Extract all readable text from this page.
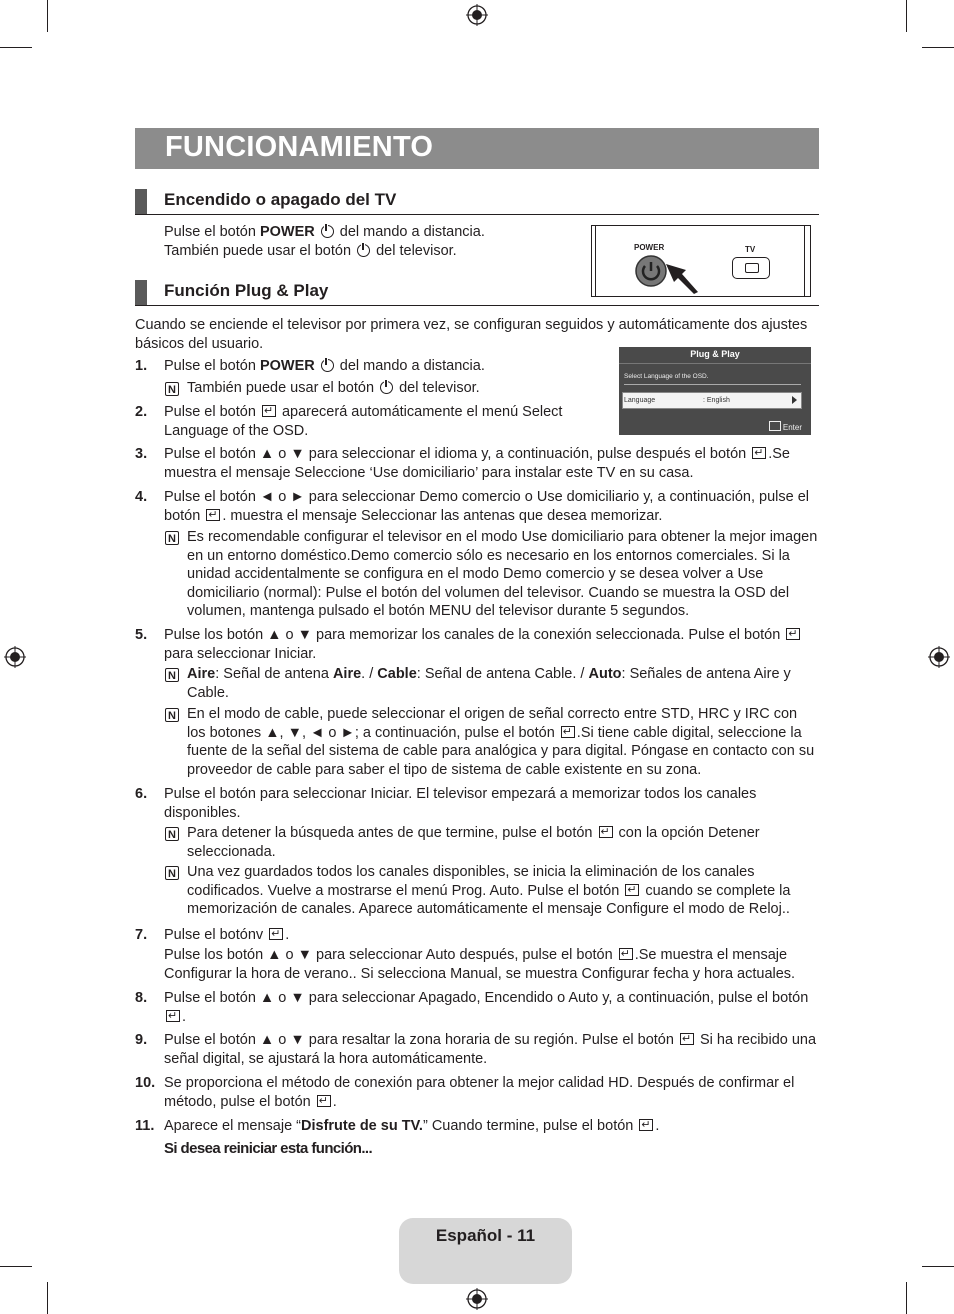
FUNCIONAMIENTO
Encendido o apagado del TV
Pulse el botón POWER del mando a distancia.
También puede usar el botón del televisor.	POWER	TV
Función Plug & Play
Cuando se enciende el televisor por primera vez, se configuran seguidos y automáticamente dos ajustes básicos del usuario.
Plug & Play
Select Language of the OSD.
Language	: English
Enter
1. Pulse el botón POWER del mando a distancia.
N También puede usar el botón del televisor.
2. Pulse el botón ↵ aparecerá automáticamente el menú Select Language of the OSD.
3. Pulse el botón ▲ o ▼ para seleccionar el idioma y, a continuación, pulse después el botón ↵ .Se muestra el mensaje Seleccione ‘Use domiciliario’ para instalar este TV en su casa.
4. Pulse el botón ◄ o ► para seleccionar Demo comercio o Use domiciliario y, a continuación, pulse el botón ↵ . muestra el mensaje Seleccionar las antenas que desea memorizar.
N Es recomendable configurar el televisor en el modo Use domiciliario para obtener la mejor imagen en un entorno doméstico.Demo comercio sólo es necesario en los entornos comerciales. Si la unidad accidentalmente se configura en el modo Demo comercio y se desea volver a Use domiciliario (normal): Pulse el botón del volumen del televisor. Cuando se muestra la OSD del volumen, mantenga pulsado el botón MENU del televisor durante 5 segundos.
5. Pulse los botón ▲ o ▼ para memorizar los canales de la conexión seleccionada. Pulse el botón ↵ para seleccionar Iniciar.
N Aire: Señal de antena Aire. / Cable: Señal de antena Cable. / Auto: Señales de antena Aire y Cable.
N En el modo de cable, puede seleccionar el origen de señal correcto entre STD, HRC y IRC con los botones ▲, ▼, ◄ o ►; a continuación, pulse el botón ↵ .Si tiene cable digital, seleccione la fuente de la señal del sistema de cable para analógica y para digital. Póngase en contacto con su proveedor de cable para saber el tipo de sistema de cable existente en su zona.
6. Pulse el botón para seleccionar Iniciar. El televisor empezará a memorizar todos los canales disponibles.
N Para detener la búsqueda antes de que termine, pulse el botón ↵ con la opción Detener seleccionada.
N Una vez guardados todos los canales disponibles, se inicia la eliminación de los canales codificados. Vuelve a mostrarse el menú Prog. Auto. Pulse el botón ↵ cuando se complete la memorización de canales. Aparece automáticamente el mensaje Configure el modo de Reloj..
7. Pulse el botónv ↵ .
Pulse los botón ▲ o ▼ para seleccionar Auto después, pulse el botón ↵ .Se muestra el mensaje Configurar la hora de verano.. Si selecciona Manual, se muestra Configurar fecha y hora actuales.
8. Pulse el botón ▲ o ▼ para seleccionar Apagado, Encendido o Auto y, a continuación, pulse el botón ↵.
9. Pulse el botón ▲ o ▼ para resaltar la zona horaria de su región. Pulse el botón ↵ Si ha recibido una señal digital, se ajustará la hora automáticamente.
10. Se proporciona el método de conexión para obtener la mejor calidad HD. Después de confirmar el método, pulse el botón ↵ .
11. Aparece el mensaje “Disfrute de su TV.” Cuando termine, pulse el botón ↵ .
Si desea reiniciar esta función...
Español - 11
